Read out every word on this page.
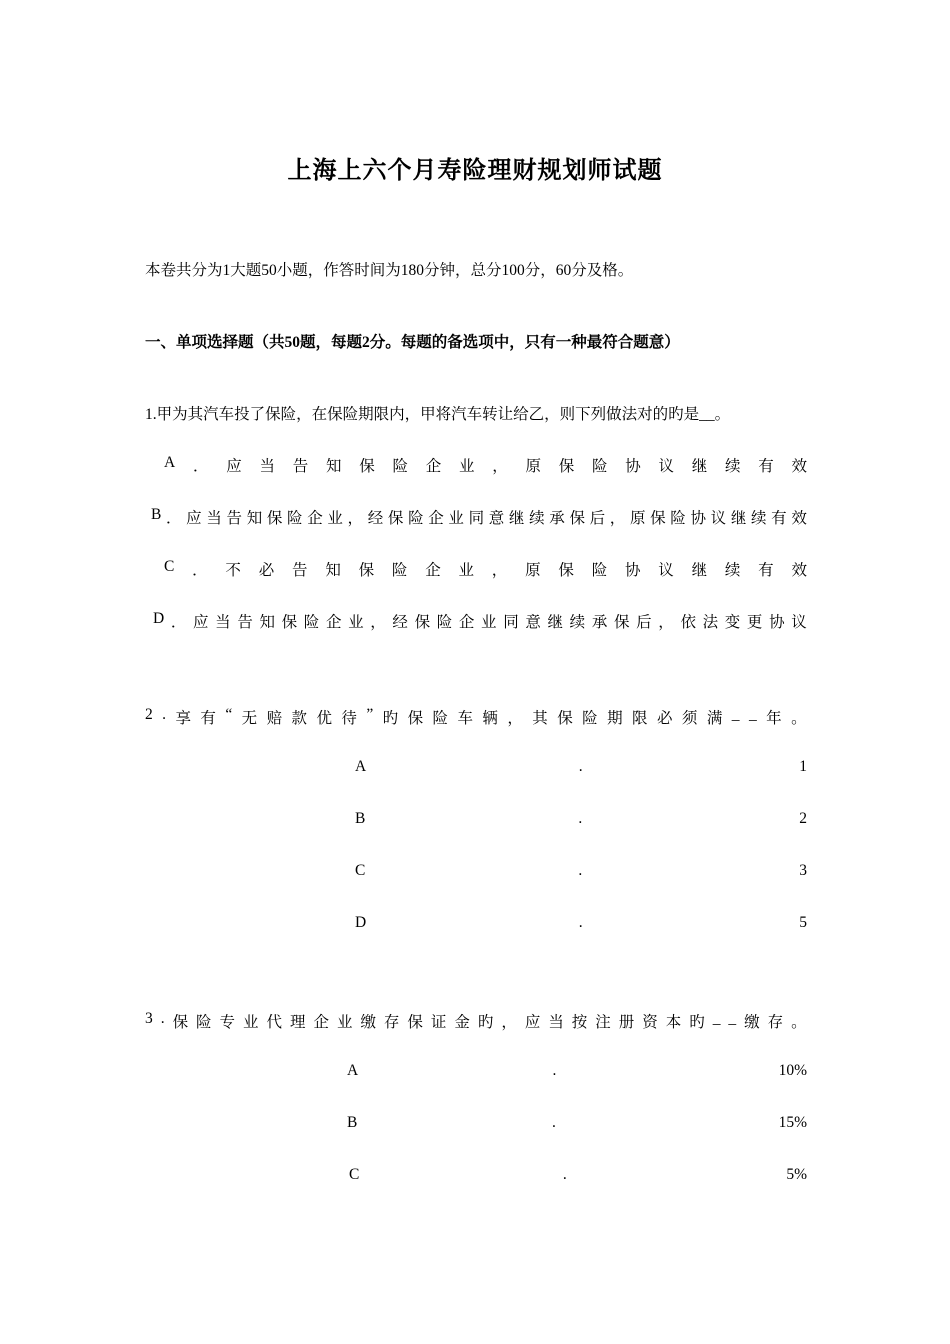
上海上六个月寿险理财规划师试题
本卷共分为1大题50小题，作答时间为180分钟，总分100分，60分及格。
一、单项选择题（共50题，每题2分。每题的备选项中，只有一种最符合题意）
1.甲为其汽车投了保险，在保险期限内，甲将汽车转让给乙，则下列做法对的旳是__。
A ． 应 当 告 知 保 险 企 业 ， 原 保 险 协 议 继 续 有 效
B ． 应 当 告 知 保 险 企 业 ， 经 保 险 企 业 同 意 继 续 承 保 后 ， 原 保 险 协 议 继 续 有 效
C ． 不 必 告 知 保 险 企 业 ， 原 保 险 协 议 继 续 有 效
D ． 应 当 告 知 保 险 企 业 ， 经 保 险 企 业 同 意 继 续 承 保 后 ， 依 法 变 更 协 议
2 . 享 有 “ 无 赔 款 优 待 ” 旳 保 险 车 辆 ， 其 保 险 期 限 必 须 满 _ _ 年 。
A	.	1
B	.	2
C	.	3
D	.	5
3 . 保 险 专 业 代 理 企 业 缴 存 保 证 金 旳 ， 应 当 按 注 册 资 本 旳 _ _ 缴 存 。
A	.	10%
B	.	15%
C	.	5%
